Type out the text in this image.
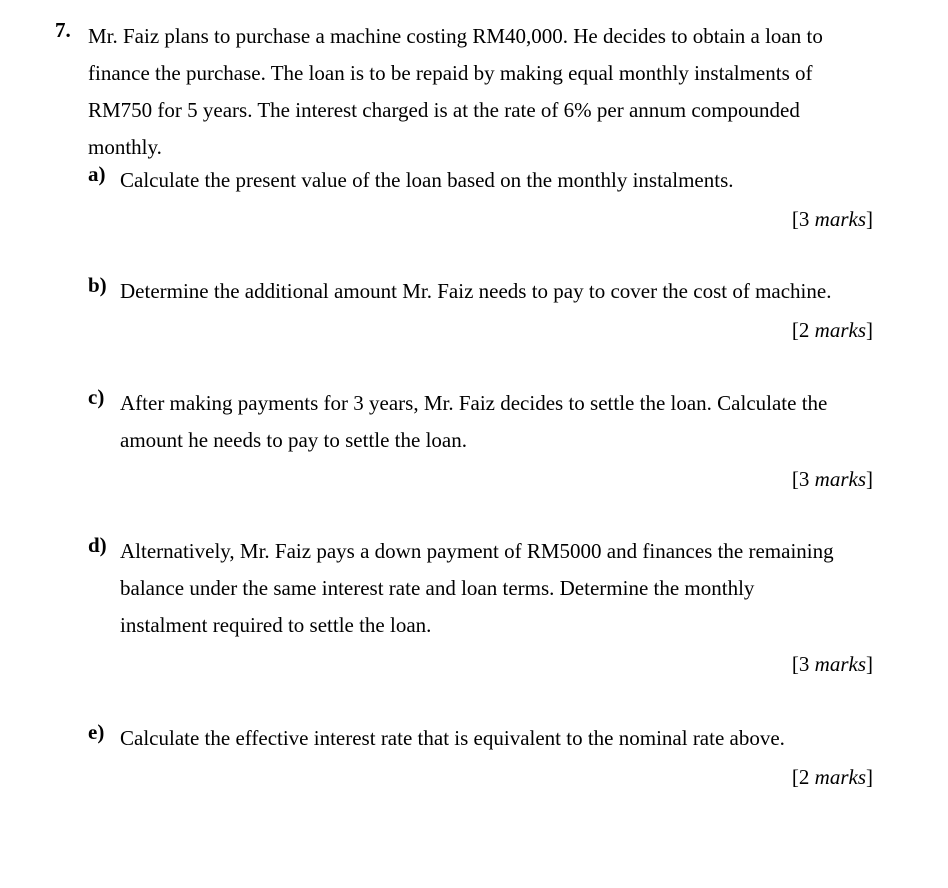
7. Mr. Faiz plans to purchase a machine costing RM40,000. He decides to obtain a loan to
finance the purchase. The loan is to be repaid by making equal monthly instalments of
RM750 for 5 years. The interest charged is at the rate of 6% per annum compounded
monthly.
a) Calculate the present value of the loan based on the monthly instalments.
[3 marks]
b) Determine the additional amount Mr. Faiz needs to pay to cover the cost of machine.
[2 marks]
c) After making payments for 3 years, Mr. Faiz decides to settle the loan. Calculate the
amount he needs to pay to settle the loan.
[3 marks]
d) Alternatively, Mr. Faiz pays a down payment of RM5000 and finances the remaining
balance under the same interest rate and loan terms. Determine the monthly
instalment required to settle the loan.
[3 marks]
e) Calculate the effective interest rate that is equivalent to the nominal rate above.
[2 marks]
